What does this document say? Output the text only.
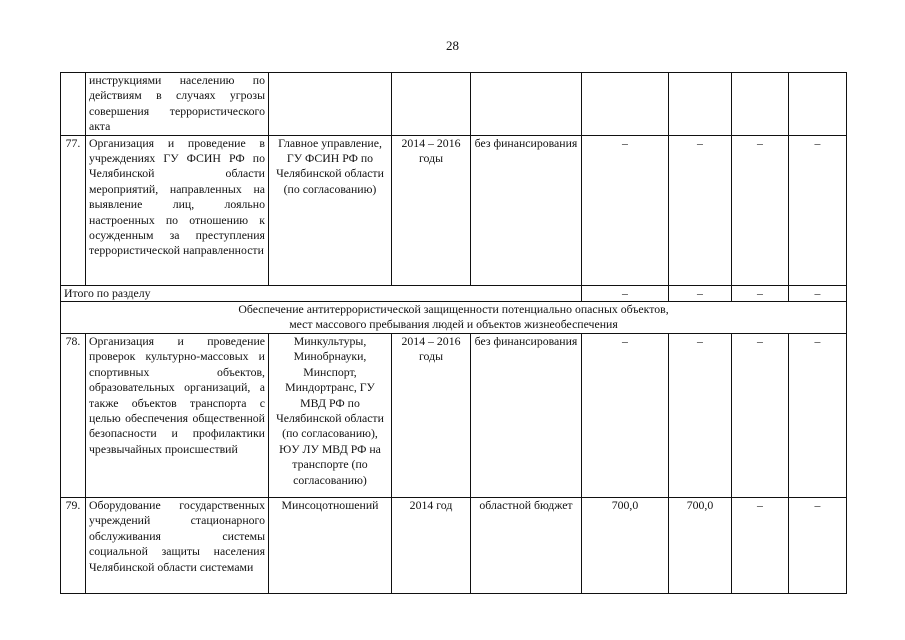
28
	инструкциями населению по действиям в случаях угрозы совершения террористического акта							
77.	Организация и проведение в учреждениях ГУ ФСИН РФ по Челябинской области мероприятий, направленных на выявление лиц, лояльно настроенных по отношению к осужденным за преступления террористической направленности	Главное управление, ГУ ФСИН РФ по Челябинской области (по согласованию)	2014 – 2016 годы	без финансирования	–	–	–	–
Итого по разделу					–	–	–	–

Обеспечение антитеррористической защищенности потенциально опасных объектов,
мест массового пребывания людей и объектов жизнеобеспечения								

78.	Организация и проведение проверок культурно-массовых и спортивных объектов, образовательных организаций, а также объектов транспорта с целью обеспечения общественной безопасности и профилактики чрезвычайных происшествий	Минкультуры, Минобрнауки, Минспорт, Миндортранс, ГУ МВД РФ по Челябинской области (по согласованию), ЮУ ЛУ МВД РФ на транспорте (по согласованию)	2014 – 2016 годы	без финансирования	–	–	–	–
79.	Оборудование государственных учреждений стационарного обслуживания системы социальной защиты населения Челябинской области системами	Минсоцотношений	2014 год	областной бюджет	700,0	700,0	–	–
